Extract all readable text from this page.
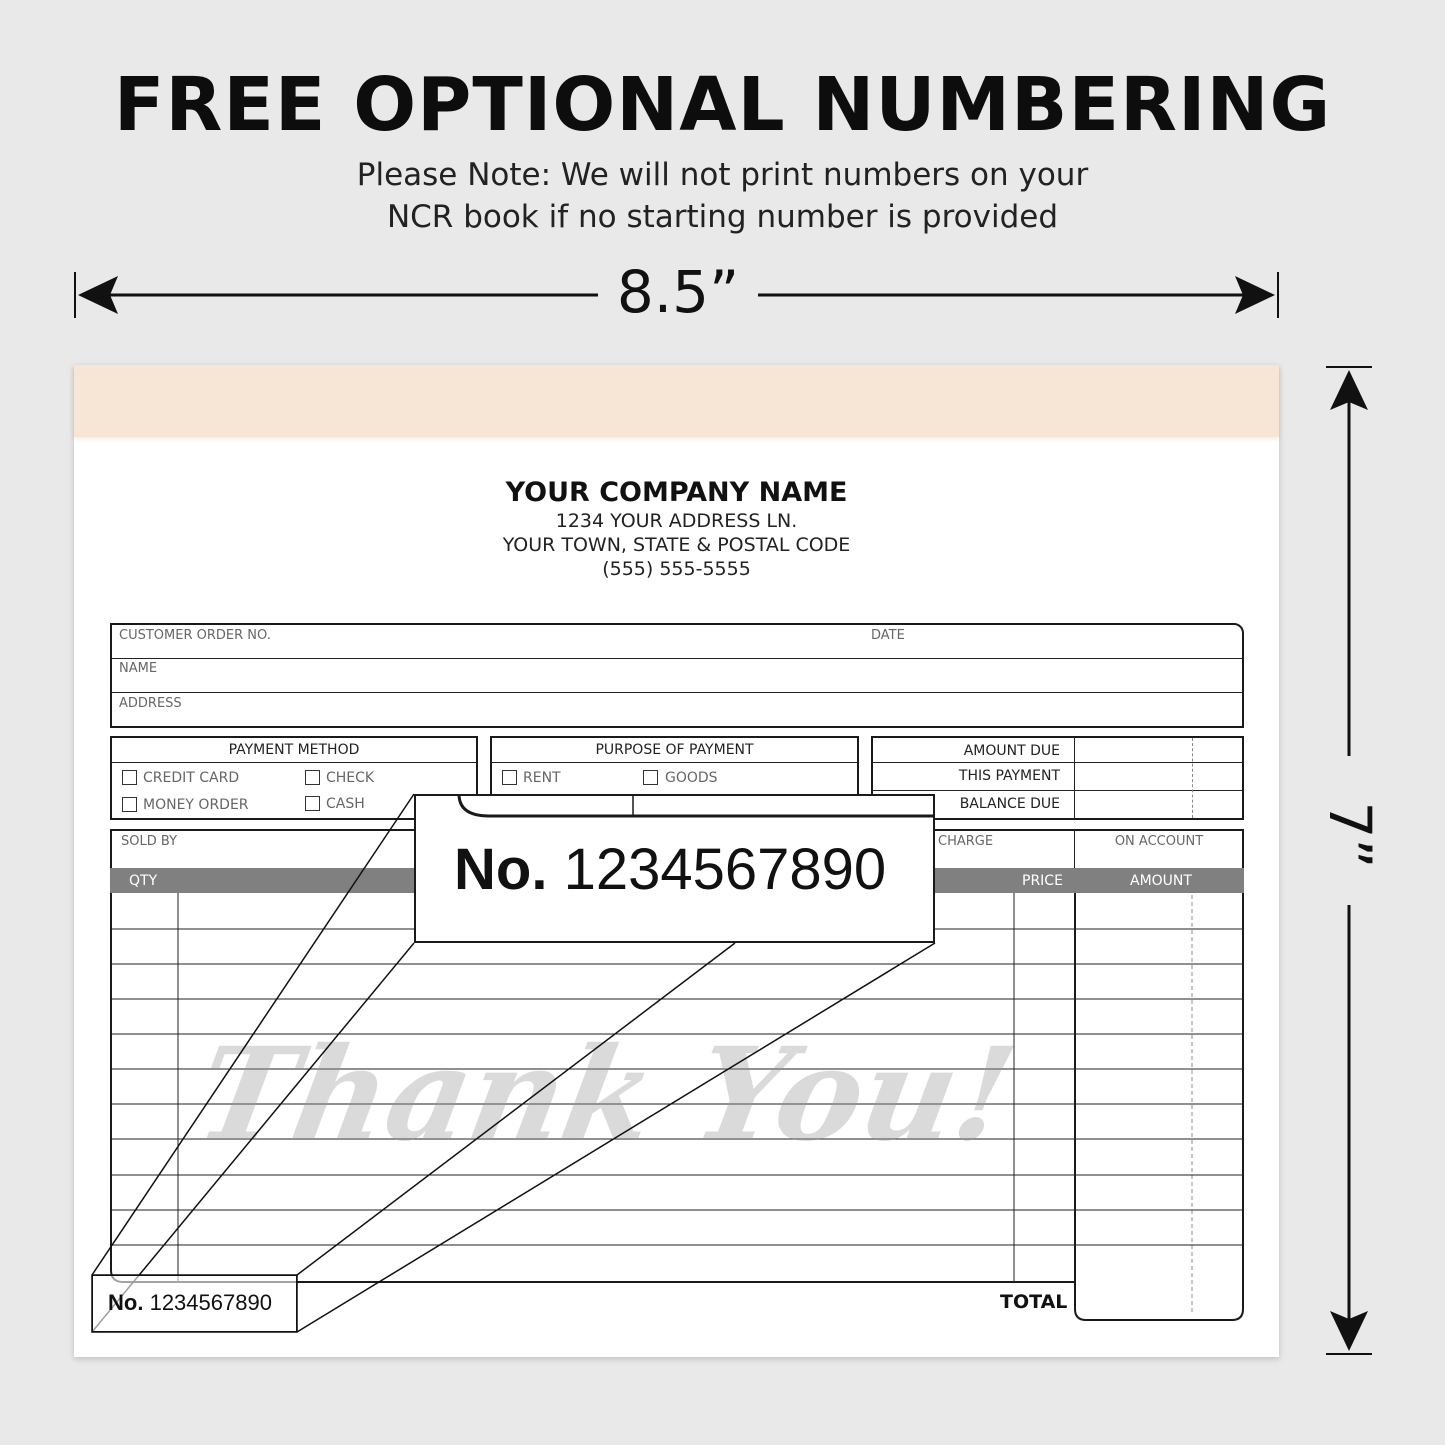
FREE OPTIONAL NUMBERING
Please Note: We will not print numbers on your
NCR book if no starting number is provided
8.5”
7”
YOUR COMPANY NAME
1234 YOUR ADDRESS LN.
YOUR TOWN, STATE & POSTAL CODE
(555) 555-5555
CUSTOMER ORDER NO.	DATE
NAME
ADDRESS
PAYMENT METHOD
CREDIT CARD	CHECK
MONEY ORDER	CASH
PURPOSE OF PAYMENT
RENT	GOODS
AMOUNT DUE
THIS PAYMENT
BALANCE DUE
SOLD BY	CHARGE	ON ACCOUNT
QTY	PRICE	AMOUNT
Thank You!
TOTAL
No. 1234567890
No. 1234567890
